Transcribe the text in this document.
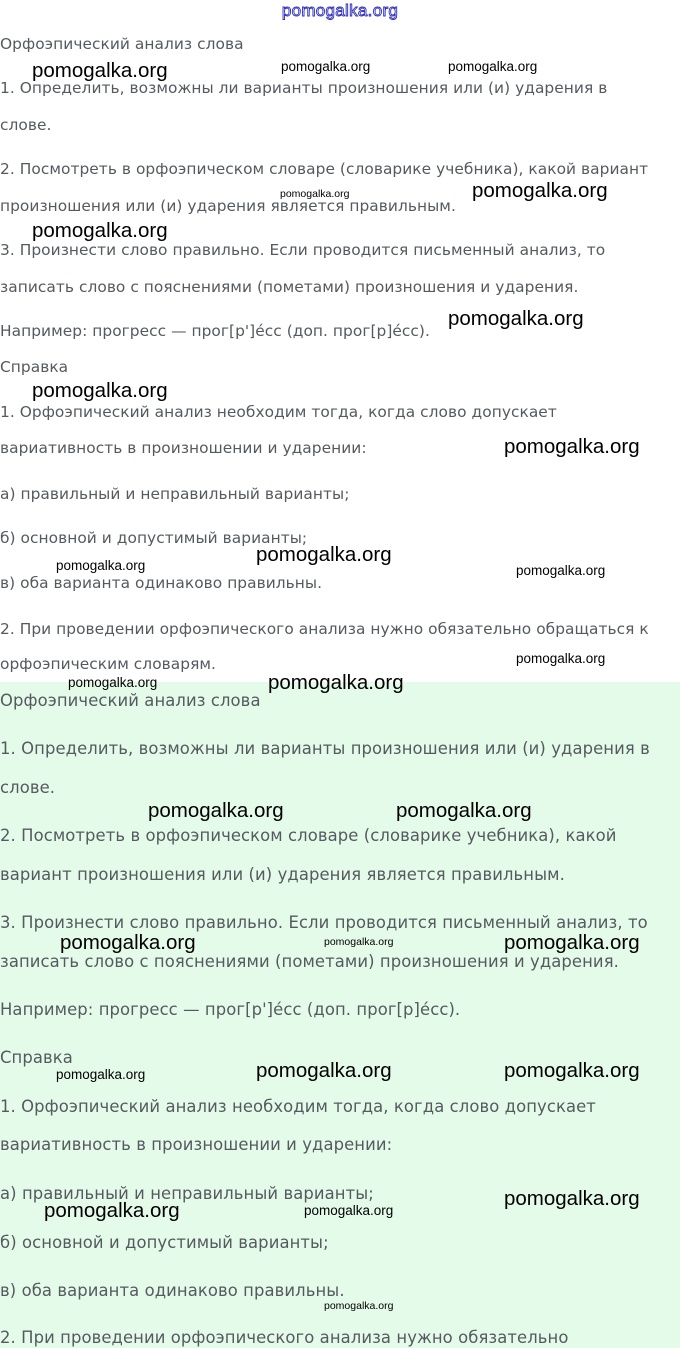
pomogalka.org

Орфоэпический анализ слова

1. Определить, возможны ли варианты произношения или (и) ударения в

слове.

2. Посмотреть в орфоэпическом словаре (словарике учебника), какой вариант

произношения или (и) ударения является правильным.

3. Произнести слово правильно. Если проводится письменный анализ, то

записать слово с пояснениями (пометами) произношения и ударения.

Например: прогресс — прог[р']е́сс (доп. прог[р]е́сс).

Справка

1. Орфоэпический анализ необходим тогда, когда слово допускает

вариативность в произношении и ударении:

а) правильный и неправильный варианты;

б) основной и допустимый варианты;

в) оба варианта одинаково правильны.

2. При проведении орфоэпического анализа нужно обязательно обращаться к

орфоэпическим словарям.

Орфоэпический анализ слова

1. Определить, возможны ли варианты произношения или (и) ударения в

слове.

2. Посмотреть в орфоэпическом словаре (словарике учебника), какой

вариант произношения или (и) ударения является правильным.

3. Произнести слово правильно. Если проводится письменный анализ, то

записать слово с пояснениями (пометами) произношения и ударения.

Например: прогресс — прог[р']е́сс (доп. прог[р]е́сс).

Справка

1. Орфоэпический анализ необходим тогда, когда слово допускает

вариативность в произношении и ударении:

а) правильный и неправильный варианты;

б) основной и допустимый варианты;

в) оба варианта одинаково правильны.

2. При проведении орфоэпического анализа нужно обязательно

pomogalka.org	pomogalka.org	pomogalka.org
pomogalka.org	pomogalka.org
pomogalka.org
pomogalka.org
pomogalka.org
pomogalka.org
pomogalka.org
pomogalka.org	pomogalka.org
pomogalka.org
pomogalka.org	pomogalka.org
pomogalka.org	pomogalka.org
pomogalka.org	pomogalka.org	pomogalka.org
pomogalka.org	pomogalka.org	pomogalka.org
pomogalka.org
pomogalka.org	pomogalka.org
pomogalka.org
